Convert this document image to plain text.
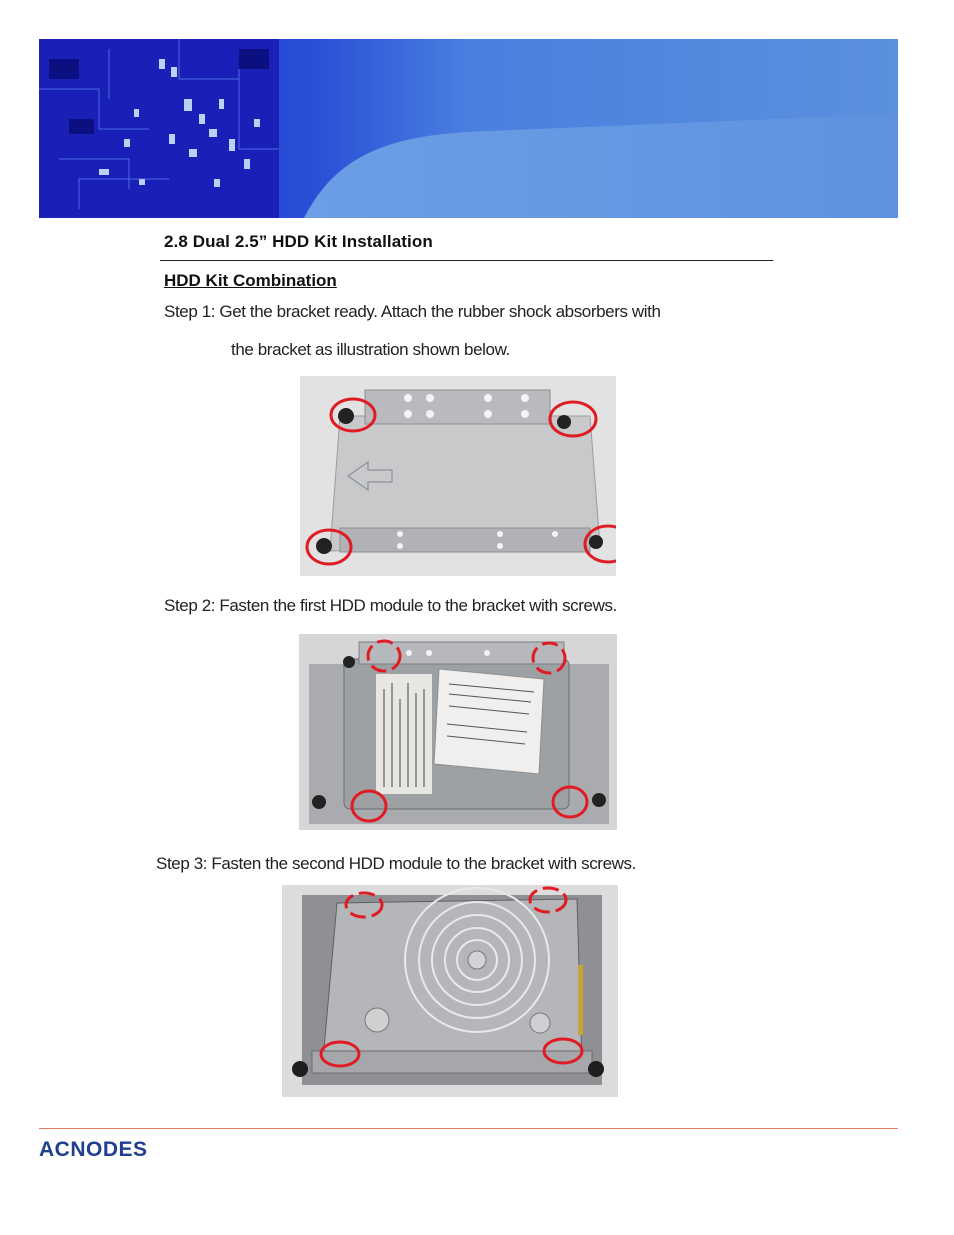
2.8 Dual 2.5” HDD Kit Installation
HDD Kit Combination
Step 1: Get the bracket ready. Attach the rubber shock absorbers with
the bracket as illustration shown below.
Step 2: Fasten the first HDD module to the bracket with screws.
Step 3: Fasten the second HDD module to the bracket with screws.
ACNODES
